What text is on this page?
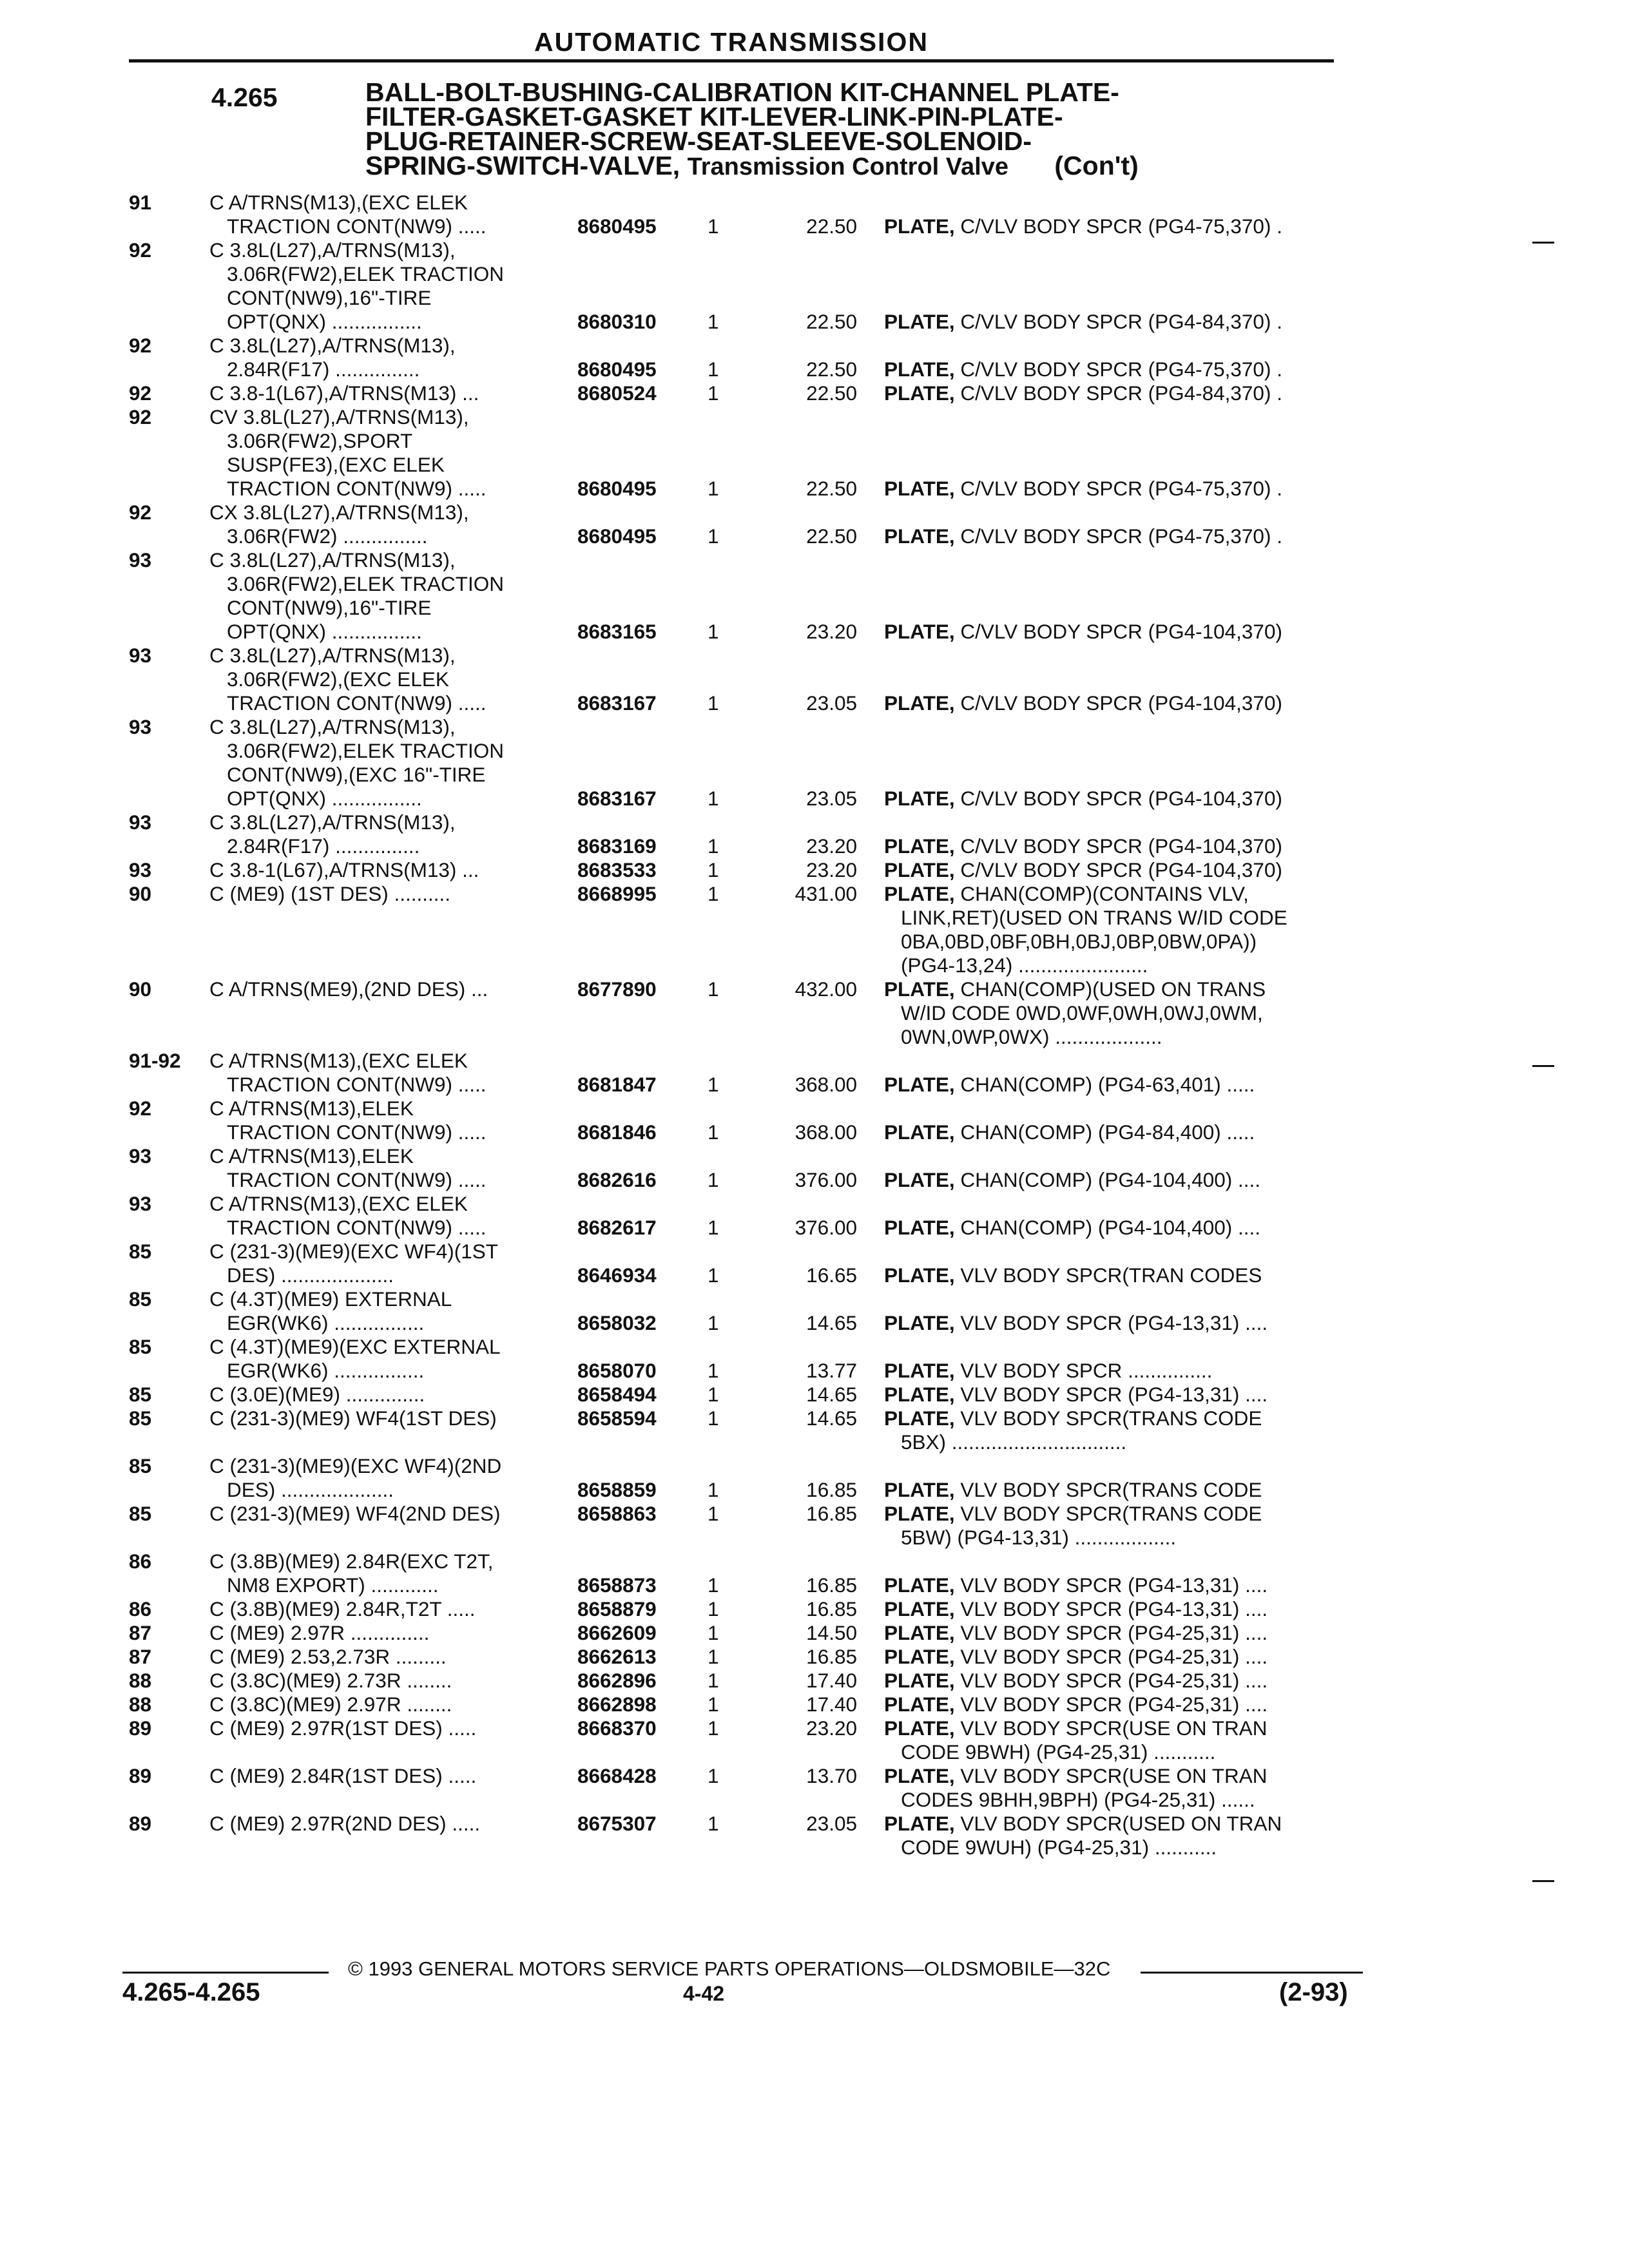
AUTOMATIC TRANSMISSION
4.265	BALL-BOLT-BUSHING-CALIBRATION KIT-CHANNEL PLATE-
FILTER-GASKET-GASKET KIT-LEVER-LINK-PIN-PLATE-
PLUG-RETAINER-SCREW-SEAT-SLEEVE-SOLENOID-
SPRING-SWITCH-VALVE, Transmission Control Valve (Con't)
91	C A/TRNS(M13),(EXC ELEK
TRACTION CONT(NW9) .....	8680495	1	22.50 PLATE, C/VLV BODY SPCR (PG4-75,370) .
92	C 3.8L(L27),A/TRNS(M13),
3.06R(FW2),ELEK TRACTION
CONT(NW9),16"-TIRE
OPT(QNX) ................	8680310	1	22.50 PLATE, C/VLV BODY SPCR (PG4-84,370) .
92	C 3.8L(L27),A/TRNS(M13),
2.84R(F17) ...............	8680495	1	22.50 PLATE, C/VLV BODY SPCR (PG4-75,370) .
92	C 3.8-1(L67),A/TRNS(M13) ...	8680524	1	22.50 PLATE, C/VLV BODY SPCR (PG4-84,370) .
92	CV 3.8L(L27),A/TRNS(M13),
3.06R(FW2),SPORT
SUSP(FE3),(EXC ELEK
TRACTION CONT(NW9) .....	8680495	1	22.50 PLATE, C/VLV BODY SPCR (PG4-75,370) .
92	CX 3.8L(L27),A/TRNS(M13),
3.06R(FW2) ...............	8680495	1	22.50 PLATE, C/VLV BODY SPCR (PG4-75,370) .
93	C 3.8L(L27),A/TRNS(M13),
3.06R(FW2),ELEK TRACTION
CONT(NW9),16"-TIRE
OPT(QNX) ................	8683165	1	23.20 PLATE, C/VLV BODY SPCR (PG4-104,370)
93	C 3.8L(L27),A/TRNS(M13),
3.06R(FW2),(EXC ELEK
TRACTION CONT(NW9) .....	8683167	1	23.05 PLATE, C/VLV BODY SPCR (PG4-104,370)
93	C 3.8L(L27),A/TRNS(M13),
3.06R(FW2),ELEK TRACTION
CONT(NW9),(EXC 16"-TIRE
OPT(QNX) ................	8683167	1	23.05 PLATE, C/VLV BODY SPCR (PG4-104,370)
93	C 3.8L(L27),A/TRNS(M13),
2.84R(F17) ...............	8683169	1	23.20 PLATE, C/VLV BODY SPCR (PG4-104,370)
93	C 3.8-1(L67),A/TRNS(M13) ...	8683533	1	23.20 PLATE, C/VLV BODY SPCR (PG4-104,370)
90	C (ME9) (1ST DES) ..........	8668995	1	431.00 PLATE, CHAN(COMP)(CONTAINS VLV,
LINK,RET)(USED ON TRANS W/ID CODE
0BA,0BD,0BF,0BH,0BJ,0BP,0BW,0PA))
(PG4-13,24) .......................
90	C A/TRNS(ME9),(2ND DES) ...	8677890	1	432.00 PLATE, CHAN(COMP)(USED ON TRANS
W/ID CODE 0WD,0WF,0WH,0WJ,0WM,
0WN,0WP,0WX) ...................
91-92	C A/TRNS(M13),(EXC ELEK
TRACTION CONT(NW9) .....	8681847	1	368.00 PLATE, CHAN(COMP) (PG4-63,401) .....
92	C A/TRNS(M13),ELEK
TRACTION CONT(NW9) .....	8681846	1	368.00 PLATE, CHAN(COMP) (PG4-84,400) .....
93	C A/TRNS(M13),ELEK
TRACTION CONT(NW9) .....	8682616	1	376.00 PLATE, CHAN(COMP) (PG4-104,400) ....
93	C A/TRNS(M13),(EXC ELEK
TRACTION CONT(NW9) .....	8682617	1	376.00 PLATE, CHAN(COMP) (PG4-104,400) ....
85	C (231-3)(ME9)(EXC WF4)(1ST
DES) ....................	8646934	1	16.65 PLATE, VLV BODY SPCR(TRAN CODES
85	C (4.3T)(ME9) EXTERNAL
EGR(WK6) ................	8658032	1	14.65 PLATE, VLV BODY SPCR (PG4-13,31) ....
85	C (4.3T)(ME9)(EXC EXTERNAL
EGR(WK6) ................	8658070	1	13.77 PLATE, VLV BODY SPCR ...............
85	C (3.0E)(ME9) ..............	8658494	1	14.65 PLATE, VLV BODY SPCR (PG4-13,31) ....
85	C (231-3)(ME9) WF4(1ST DES)	8658594	1	14.65 PLATE, VLV BODY SPCR(TRANS CODE
5BX) ...............................
85	C (231-3)(ME9)(EXC WF4)(2ND
DES) ....................	8658859	1	16.85 PLATE, VLV BODY SPCR(TRANS CODE
85	C (231-3)(ME9) WF4(2ND DES)	8658863	1	16.85 PLATE, VLV BODY SPCR(TRANS CODE
5BW) (PG4-13,31) ..................
86	C (3.8B)(ME9) 2.84R(EXC T2T,
NM8 EXPORT) ............	8658873	1	16.85 PLATE, VLV BODY SPCR (PG4-13,31) ....
86	C (3.8B)(ME9) 2.84R,T2T .....	8658879	1	16.85 PLATE, VLV BODY SPCR (PG4-13,31) ....
87	C (ME9) 2.97R ..............	8662609	1	14.50 PLATE, VLV BODY SPCR (PG4-25,31) ....
87	C (ME9) 2.53,2.73R .........	8662613	1	16.85 PLATE, VLV BODY SPCR (PG4-25,31) ....
88	C (3.8C)(ME9) 2.73R ........	8662896	1	17.40 PLATE, VLV BODY SPCR (PG4-25,31) ....
88	C (3.8C)(ME9) 2.97R ........	8662898	1	17.40 PLATE, VLV BODY SPCR (PG4-25,31) ....
89	C (ME9) 2.97R(1ST DES) .....	8668370	1	23.20 PLATE, VLV BODY SPCR(USE ON TRAN
CODE 9BWH) (PG4-25,31) ...........
89	C (ME9) 2.84R(1ST DES) .....	8668428	1	13.70 PLATE, VLV BODY SPCR(USE ON TRAN
CODES 9BHH,9BPH) (PG4-25,31) ......
89	C (ME9) 2.97R(2ND DES) .....	8675307	1	23.05 PLATE, VLV BODY SPCR(USED ON TRAN
CODE 9WUH) (PG4-25,31) ...........
© 1993 GENERAL MOTORS SERVICE PARTS OPERATIONS—OLDSMOBILE—32C
4.265-4.265	4-42	(2-93)
